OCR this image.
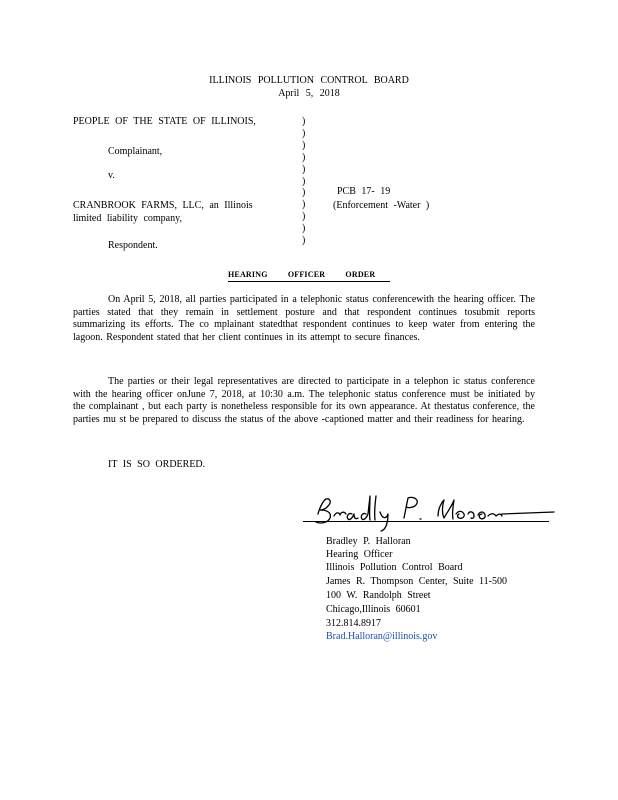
ILLINOIS POLLUTION CONTROL BOARD
April 5, 2018
PEOPLE OF THE STATE OF ILLINOIS,
Complainant,
v.
CRANBROOK FARMS, LLC, an Illinois
limited liability company,
Respondent.
)
)
)
)
)
)
)
)
)
)
)
PCB 17- 19
(Enforcement -Water )
HEARING OFFICER ORDER
On April 5, 2018, all parties participated in a telephonic status conferencewith the hearing officer. The parties stated that they remain in settlement posture and that respondent continues tosubmit reports summarizing its efforts. The co mplainant statedthat respondent continues to keep water from entering the lagoon. Respondent stated that her client continues in its attempt to secure finances.
The parties or their legal representatives are directed to participate in a telephon ic status conference with the hearing officer onJune 7, 2018, at 10:30 a.m. The telephonic status conference must be initiated by the complainant , but each party is nonetheless responsible for its own appearance. At thestatus conference, the parties mu st be prepared to discuss the status of the above -captioned matter and their readiness for hearing.
IT IS SO ORDERED.
Bradley P. Halloran
Hearing Officer
Illinois Pollution Control Board
James R. Thompson Center, Suite 11-500
100 W. Randolph Street
Chicago,Illinois 60601
312.814.8917
Brad.Halloran@illinois.gov
